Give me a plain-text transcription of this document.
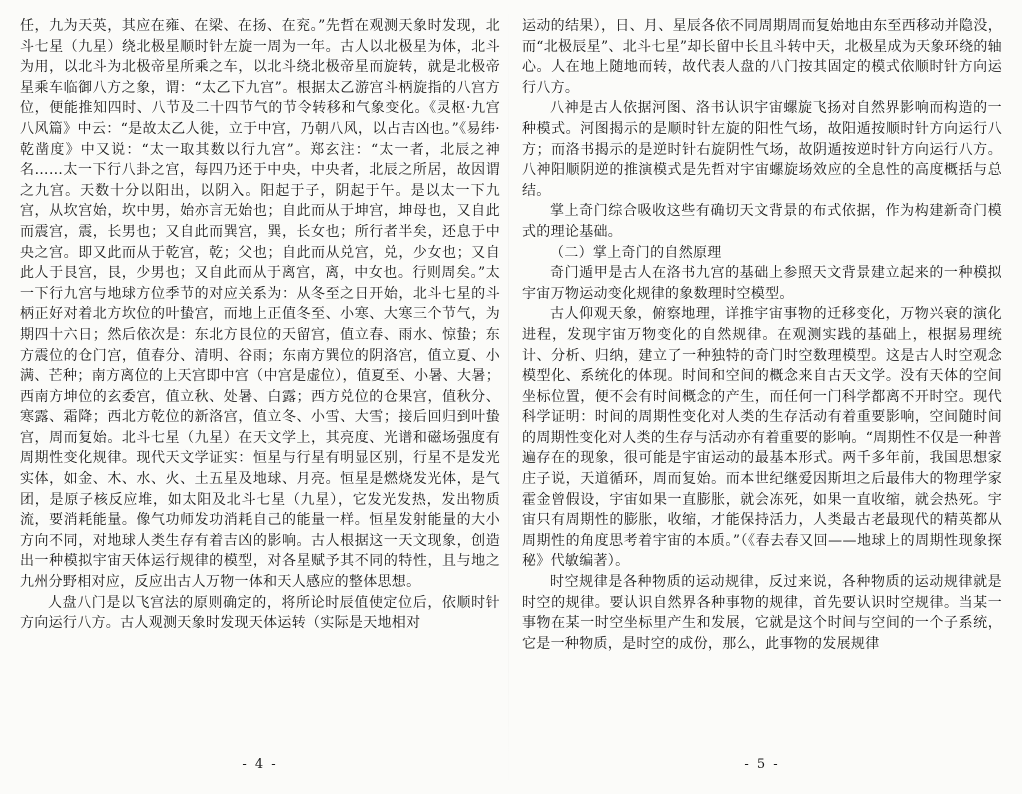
任，九为天英，其应在雍、在梁、在扬、在兖。”先哲在观测天象时发现，北斗七星（九星）绕北极星顺时针左旋一周为一年。古人以北极星为体，北斗为用，以北斗为北极帝星所乘之车，以北斗绕北极帝星而旋转，就是北极帝星乘车临御八方之象，谓：“太乙下九宫”。根据太乙游宫斗柄旋指的八宫方位，便能推知四时、八节及二十四节气的节令转移和气象变化。《灵枢·九宫八风篇》中云：“是故太乙人徙，立于中宫，乃朝八风，以占吉凶也。”《易纬·乾凿度》中又说：“太一取其数以行九宫”。郑玄注：“太一者，北辰之神名……太一下行八卦之宫，每四乃还于中央，中央者，北辰之所居，故因谓之九宫。天数十分以阳出，以阴入。阳起于子，阴起于午。是以太一下九宫，从坎宫始，坎中男，始亦言无始也；自此而从于坤宫，坤母也，又自此而震宫，震，长男也；又自此而巽宫，巽，长女也；所行者半矣，还息于中央之宫。即又此而从于乾宫，乾；父也；自此而从兑宫，兑，少女也；又自此人于艮宫，艮，少男也；又自此而从于离宫，离，中女也。行则周矣。”太一下行九宫与地球方位季节的对应关系为：从冬至之日开始，北斗七星的斗柄正好对着北方坎位的叶蛰宫，而地上正值冬至、小寒、大寒三个节气，为期四十六日；然后依次是：东北方艮位的天留宫，值立春、雨水、惊蛰；东方震位的仓门宫，值春分、清明、谷雨；东南方巽位的阴洛宫，值立夏、小满、芒种；南方离位的上天宫即中宫（中宫是虚位），值夏至、小暑、大暑；西南方坤位的玄委宫，值立秋、处暑、白露；西方兑位的仓果宫，值秋分、寒露、霜降；西北方乾位的新洛宫，值立冬、小雪、大雪；接后回归到叶蛰宫，周而复始。北斗七星（九星）在天文学上，其亮度、光谱和磁场强度有周期性变化规律。现代天文学证实：恒星与行星有明显区别，行星不是发光实体，如金、木、水、火、土五星及地球、月亮。恒星是燃烧发光体，是气团，是原子核反应堆，如太阳及北斗七星（九星），它发光发热，发出物质流，要消耗能量。像气功师发功消耗自己的能量一样。恒星发射能量的大小方向不同，对地球人类生存有着吉凶的影响。古人根据这一天文现象，创造出一种模拟宇宙天体运行规律的模型，对各星赋予其不同的特性，且与地之九州分野相对应，反应出古人万物一体和天人感应的整体思想。

人盘八门是以飞宫法的原则确定的，将所论时辰值使定位后，依顺时针方向运行八方。古人观测天象时发现天体运转（实际是天地相对

- 4 -

运动的结果），日、月、星辰各依不同周期周而复始地由东至西移动并隐没，而“北极辰星”、北斗七星”却长留中长且斗转中天，北极星成为天象环绕的轴心。人在地上随地而转，故代表人盘的八门按其固定的模式依顺时针方向运行八方。

八神是古人依据河图、洛书认识宇宙螺旋飞扬对自然界影响而构造的一种模式。河图揭示的是顺时针左旋的阳性气场，故阳遁按顺时针方向运行八方；而洛书揭示的是逆时针右旋阴性气场，故阴遁按逆时针方向运行八方。八神阳顺阴逆的推演模式是先哲对宇宙螺旋场效应的全息性的高度概括与总结。

掌上奇门综合吸收这些有确切天文背景的布式依据，作为构建新奇门模式的理论基础。

（二）掌上奇门的自然原理

奇门遁甲是古人在洛书九宫的基础上参照天文背景建立起来的一种模拟宇宙万物运动变化规律的象数理时空模型。

古人仰观天象，俯察地理，详推宇宙事物的迁移变化，万物兴衰的演化进程，发现宇宙万物变化的自然规律。在观测实践的基础上，根据易理统计、分析、归纳，建立了一种独特的奇门时空数理模型。这是古人时空观念模型化、系统化的体现。时间和空间的概念来自古天文学。没有天体的空间坐标位置，便不会有时间概念的产生，而任何一门科学都离不开时空。现代科学证明：时间的周期性变化对人类的生存活动有着重要影响，空间随时间的周期性变化对人类的生存与活动亦有着重要的影响。“周期性不仅是一种普遍存在的现象，很可能是宇宙运动的最基本形式。两千多年前，我国思想家庄子说，天道循环，周而复始。而本世纪继爱因斯坦之后最伟大的物理学家霍金曾假设，宇宙如果一直膨胀，就会冻死，如果一直收缩，就会热死。宇宙只有周期性的膨胀，收缩，才能保持活力，人类最古老最现代的精英都从周期性的角度思考着宇宙的本质。”（《春去春又回——地球上的周期性现象探秘》代敏编著）。

时空规律是各种物质的运动规律，反过来说，各种物质的运动规律就是时空的规律。要认识自然界各种事物的规律，首先要认识时空规律。当某一事物在某一时空坐标里产生和发展，它就是这个时间与空间的一个子系统，它是一种物质，是时空的成份，那么，此事物的发展规律

- 5 -
